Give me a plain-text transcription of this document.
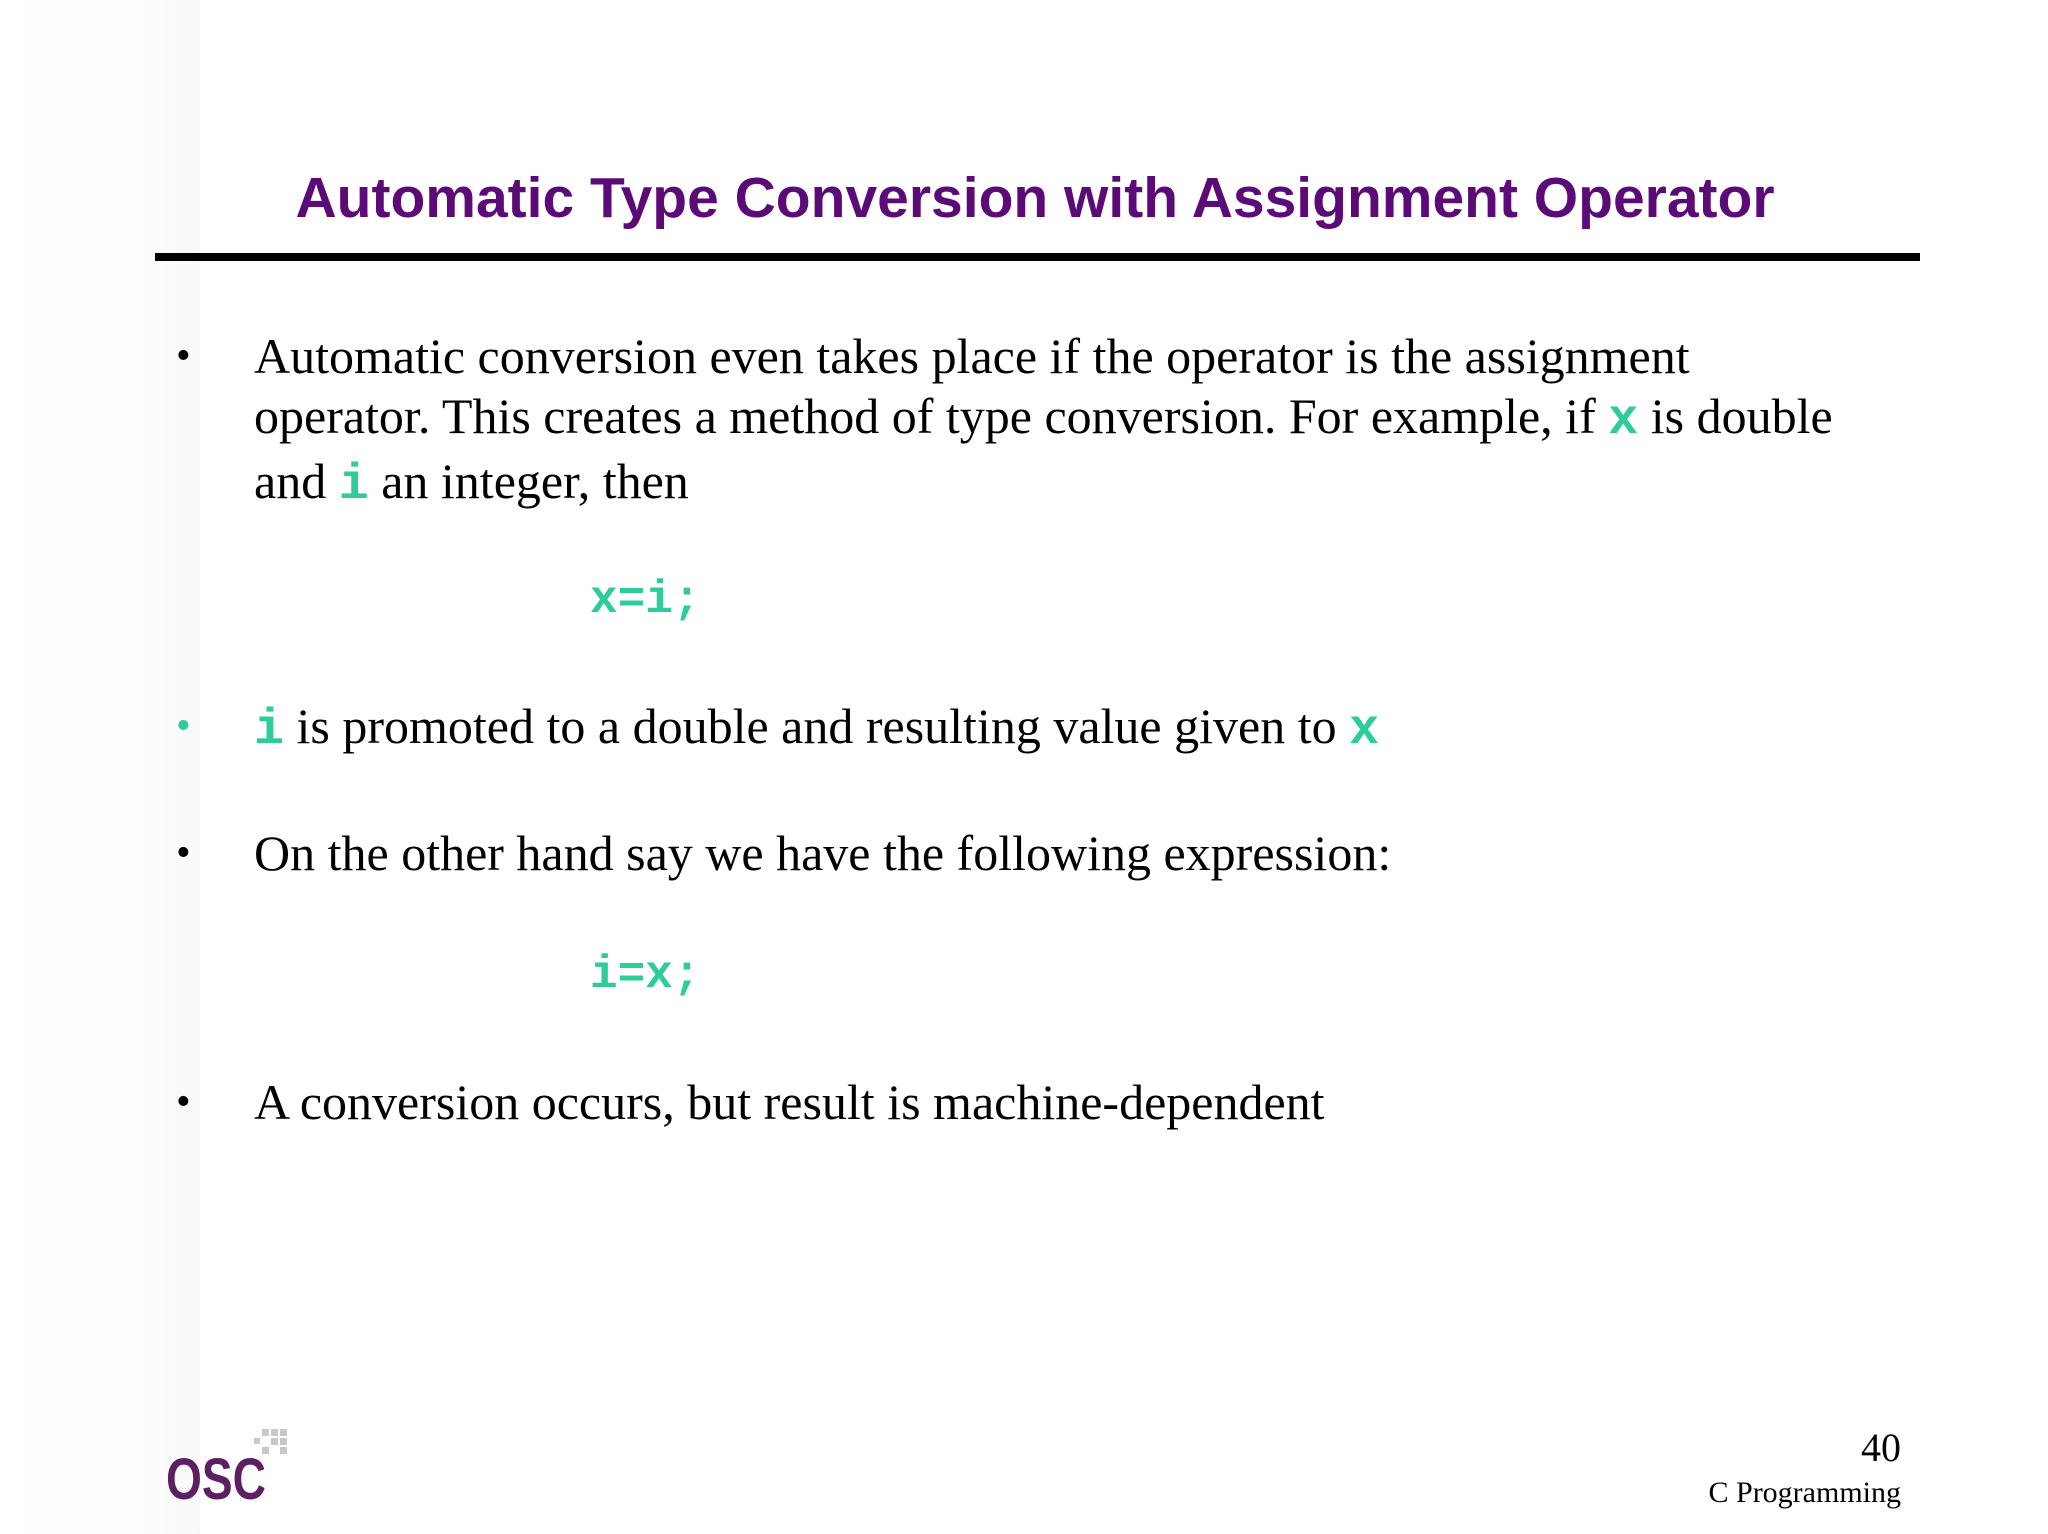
Automatic Type Conversion with Assignment Operator
• Automatic conversion even takes place if the operator is the assignment
operator. This creates a method of type conversion. For example, if x is double
and i an integer, then
x=i;
• i is promoted to a double and resulting value given to x
• On the other hand say we have the following expression:
i=x;
• A conversion occurs, but result is machine-dependent
OSC	40
C Programming
